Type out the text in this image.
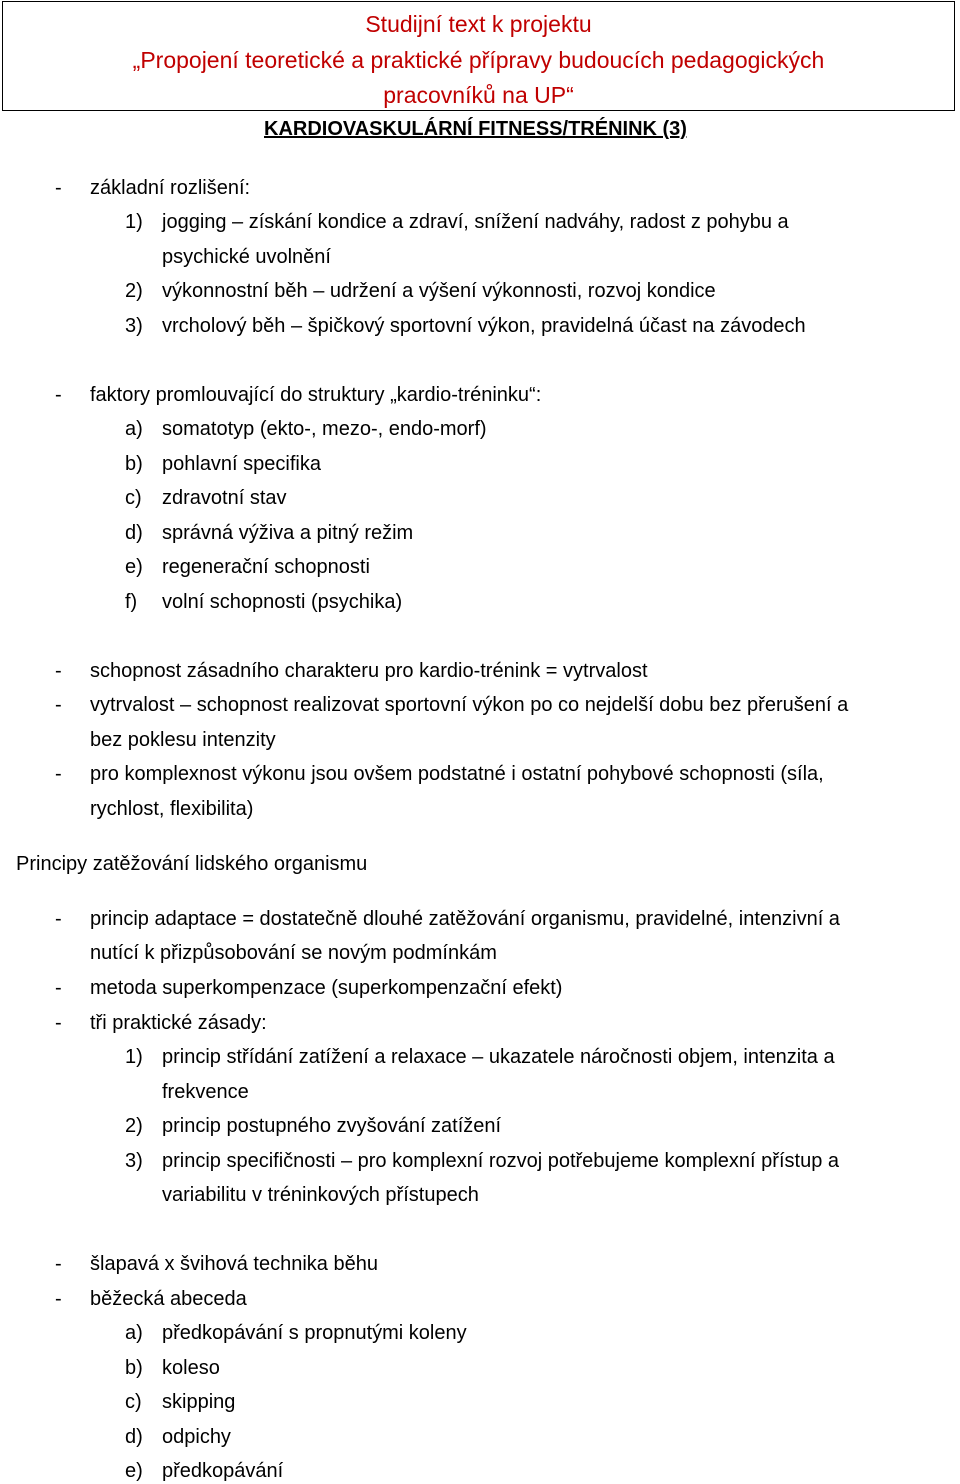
Studijní text k projektu
„Propojení teoretické a praktické přípravy budoucích pedagogických
pracovníků na UP“
KARDIOVASKULÁRNÍ FITNESS/TRÉNINK (3)
- základní rozlišení:
1) jogging – získání kondice a zdraví, snížení nadváhy, radost z pohybu a
psychické uvolnění
2) výkonnostní běh – udržení a výšení výkonnosti, rozvoj kondice
3) vrcholový běh – špičkový sportovní výkon, pravidelná účast na závodech
- faktory promlouvající do struktury „kardio-tréninku“:
a) somatotyp (ekto-, mezo-, endo-morf)
b) pohlavní specifika
c) zdravotní stav
d) správná výživa a pitný režim
e) regenerační schopnosti
f) volní schopnosti (psychika)
- schopnost zásadního charakteru pro kardio-trénink = vytrvalost
- vytrvalost – schopnost realizovat sportovní výkon po co nejdelší dobu bez přerušení a
bez poklesu intenzity
- pro komplexnost výkonu jsou ovšem podstatné i ostatní pohybové schopnosti (síla,
rychlost, flexibilita)
Principy zatěžování lidského organismu
- princip adaptace = dostatečně dlouhé zatěžování organismu, pravidelné, intenzivní a
nutící k přizpůsobování se novým podmínkám
- metoda superkompenzace (superkompenzační efekt)
- tři praktické zásady:
1) princip střídání zatížení a relaxace – ukazatele náročnosti objem, intenzita a
frekvence
2) princip postupného zvyšování zatížení
3) princip specifičnosti – pro komplexní rozvoj potřebujeme komplexní přístup a
variabilitu v tréninkových přístupech
- šlapavá x švihová technika běhu
- běžecká abeceda
a) předkopávání s propnutými koleny
b) koleso
c) skipping
d) odpichy
e) předkopávání
